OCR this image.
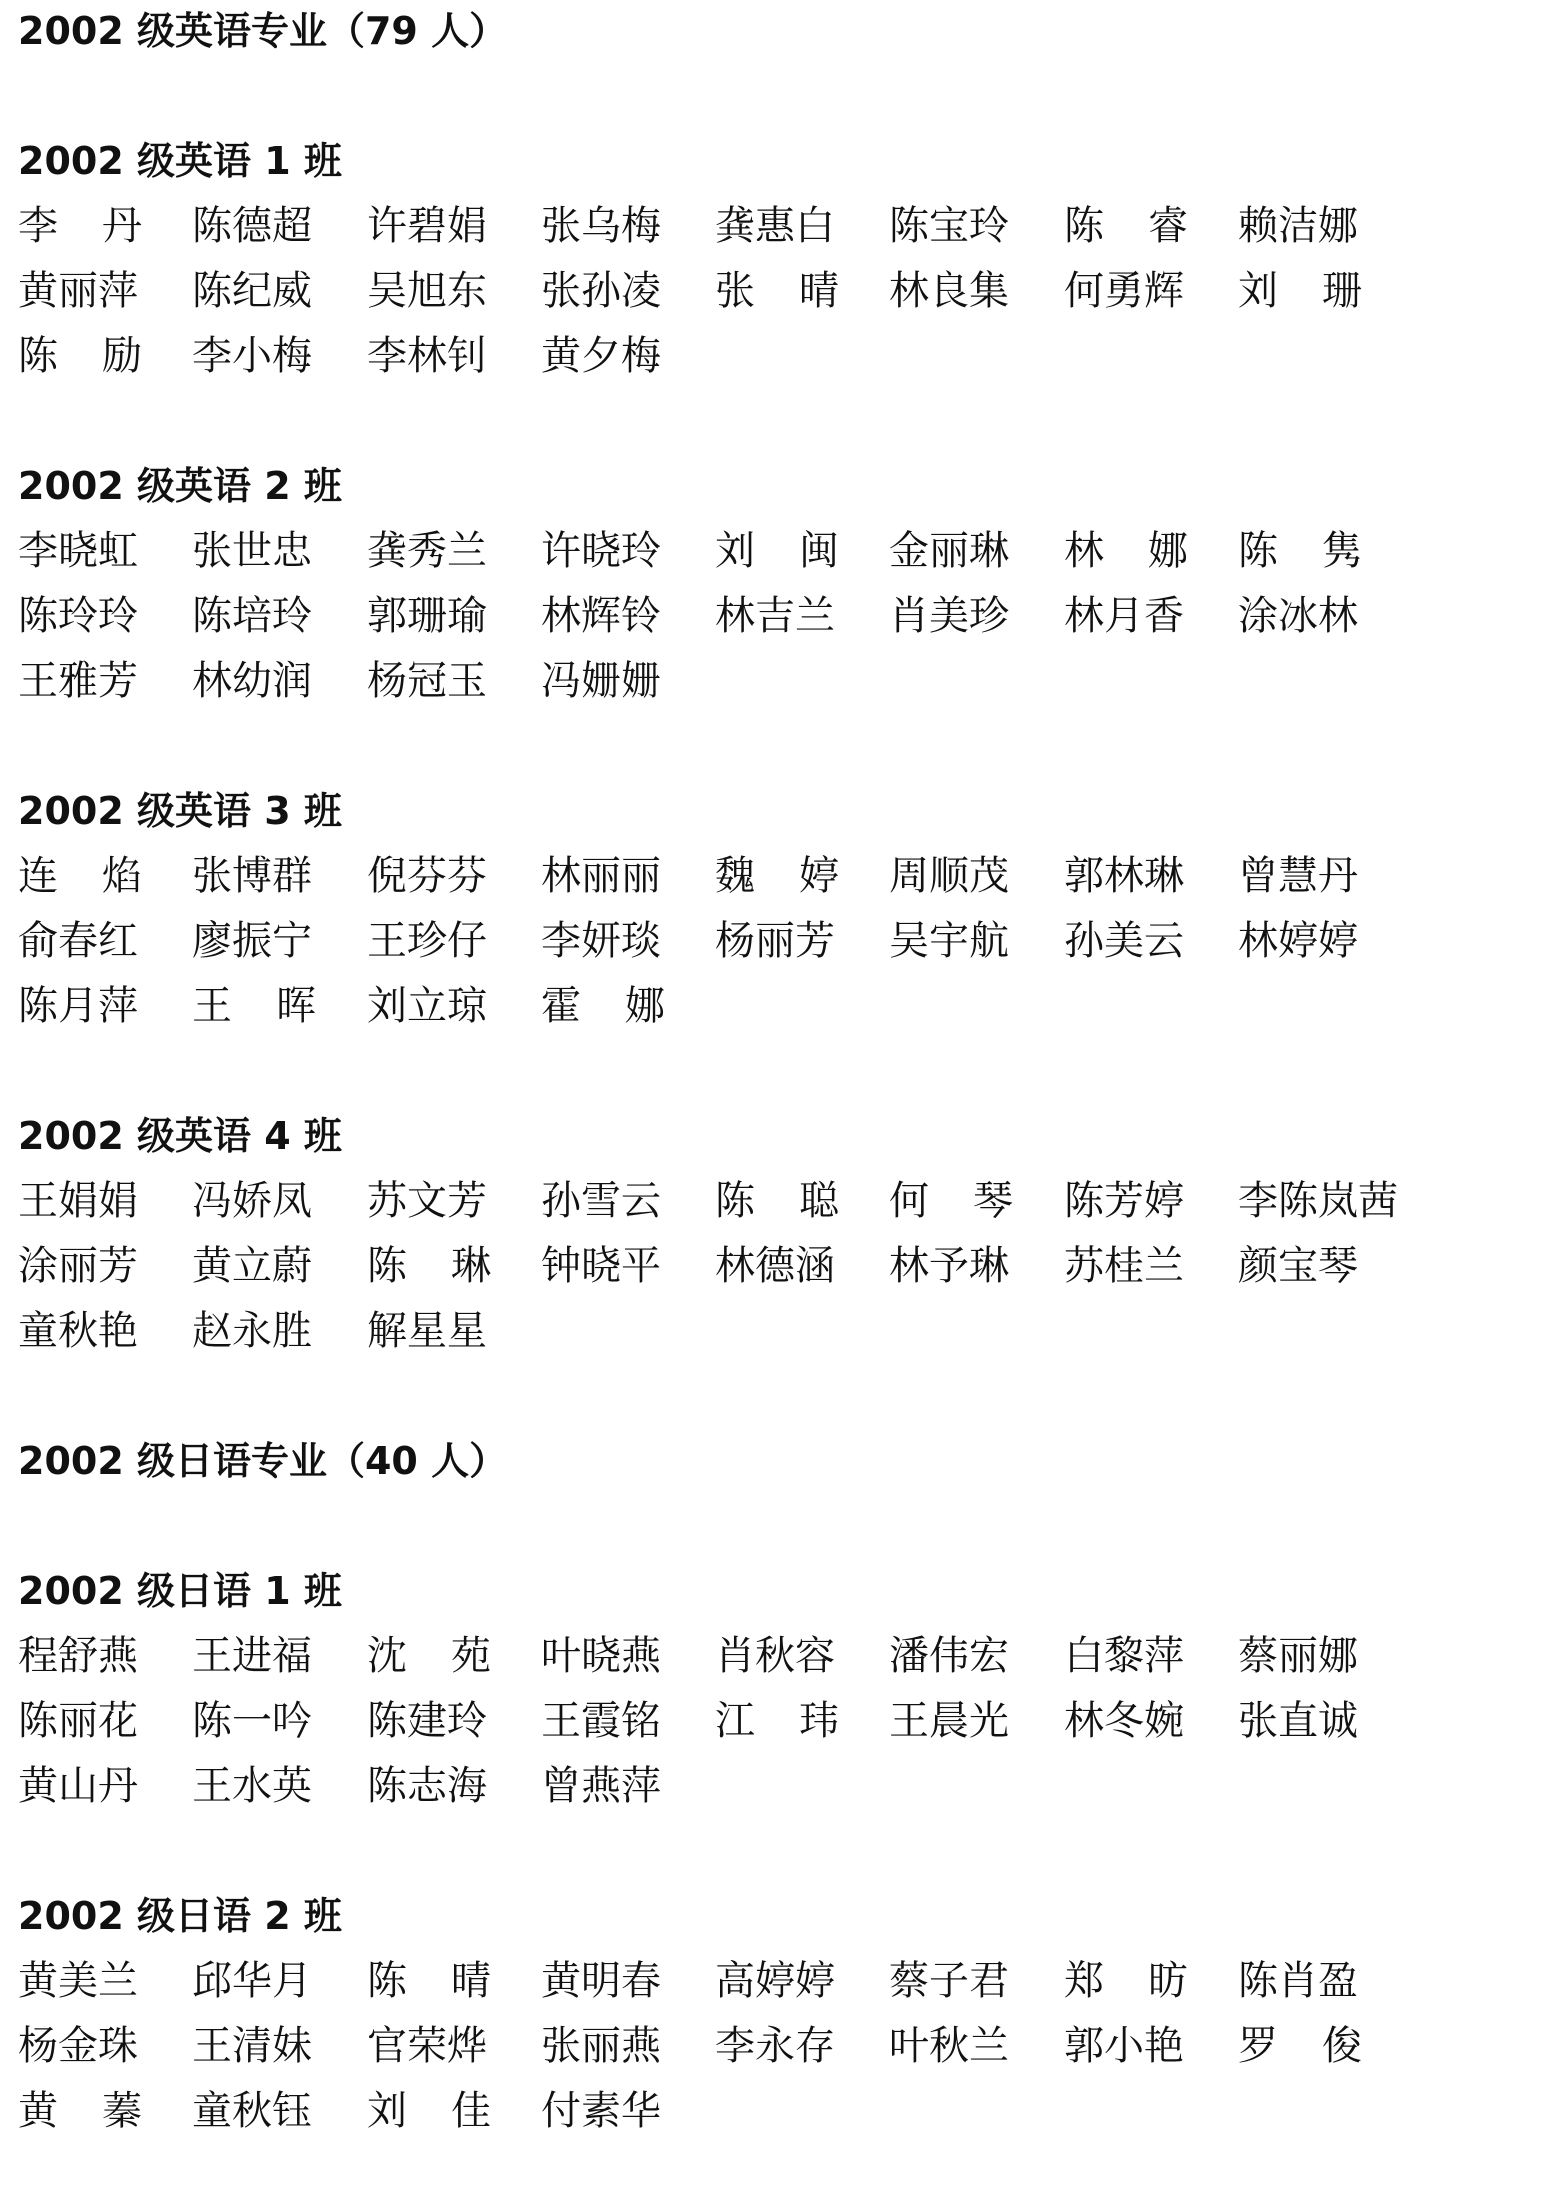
2002 级英语专业（79 人）
2002 级英语 1 班
李丹 陈德超 许碧娟 张乌梅 龚惠白 陈宝玲 陈睿 赖洁娜
黄丽萍 陈纪威 吴旭东 张孙凌 张晴 林良集 何勇辉 刘珊
陈励 李小梅 李林钊 黄夕梅
2002 级英语 2 班
李晓虹 张世忠 龚秀兰 许晓玲 刘闽 金丽琳 林娜 陈隽
陈玲玲 陈培玲 郭珊瑜 林辉铃 林吉兰 肖美珍 林月香 涂冰林
王雅芳 林幼润 杨冠玉 冯姗姗
2002 级英语 3 班
连焰 张博群 倪芬芬 林丽丽 魏婷 周顺茂 郭林琳 曾慧丹
俞春红 廖振宁 王珍仔 李妍琰 杨丽芳 吴宇航 孙美云 林婷婷
陈月萍 王晖 刘立琼 霍娜
2002 级英语 4 班
王娟娟 冯娇凤 苏文芳 孙雪云 陈聪 何琴 陈芳婷 李陈岚茜
涂丽芳 黄立蔚 陈琳 钟晓平 林德涵 林予琳 苏桂兰 颜宝琴
童秋艳 赵永胜 解星星
2002 级日语专业（40 人）
2002 级日语 1 班
程舒燕 王进福 沈苑 叶晓燕 肖秋容 潘伟宏 白黎萍 蔡丽娜
陈丽花 陈一吟 陈建玲 王霞铭 江玮 王晨光 林冬婉 张直诚
黄山丹 王水英 陈志海 曾燕萍
2002 级日语 2 班
黄美兰 邱华月 陈晴 黄明春 高婷婷 蔡子君 郑昉 陈肖盈
杨金珠 王清妹 官荣烨 张丽燕 李永存 叶秋兰 郭小艳 罗俊
黄蓁 童秋钰 刘佳 付素华
